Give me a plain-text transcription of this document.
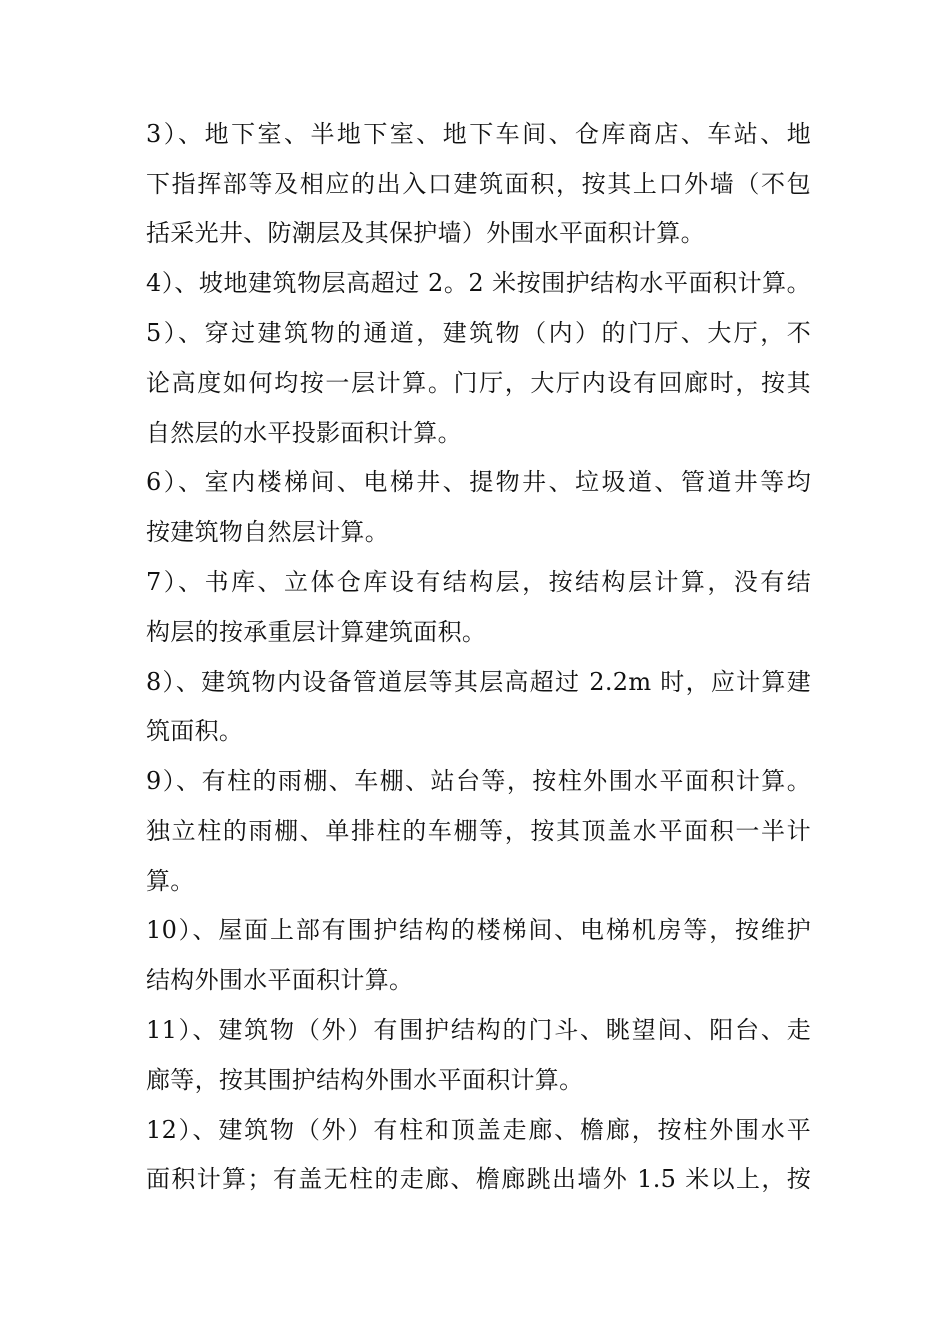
3）、地下室、半地下室、地下车间、仓库商店、车站、地
下指挥部等及相应的出入口建筑面积，按其上口外墙（不包
括采光井、防潮层及其保护墙）外围水平面积计算。
4）、坡地建筑物层高超过 2。2 米按围护结构水平面积计算。
5）、穿过建筑物的通道，建筑物（内）的门厅、大厅，不
论高度如何均按一层计算。门厅，大厅内设有回廊时，按其
自然层的水平投影面积计算。
6）、室内楼梯间、电梯井、提物井、垃圾道、管道井等均
按建筑物自然层计算。
7）、书库、立体仓库设有结构层，按结构层计算，没有结
构层的按承重层计算建筑面积。
8）、建筑物内设备管道层等其层高超过 2.2m 时，应计算建
筑面积。
9）、有柱的雨棚、车棚、站台等，按柱外围水平面积计算。
独立柱的雨棚、单排柱的车棚等，按其顶盖水平面积一半计
算。
10）、屋面上部有围护结构的楼梯间、电梯机房等，按维护
结构外围水平面积计算。
11）、建筑物（外）有围护结构的门斗、眺望间、阳台、走
廊等，按其围护结构外围水平面积计算。
12）、建筑物（外）有柱和顶盖走廊、檐廊，按柱外围水平
面积计算；有盖无柱的走廊、檐廊跳出墙外 1.5 米以上，按
